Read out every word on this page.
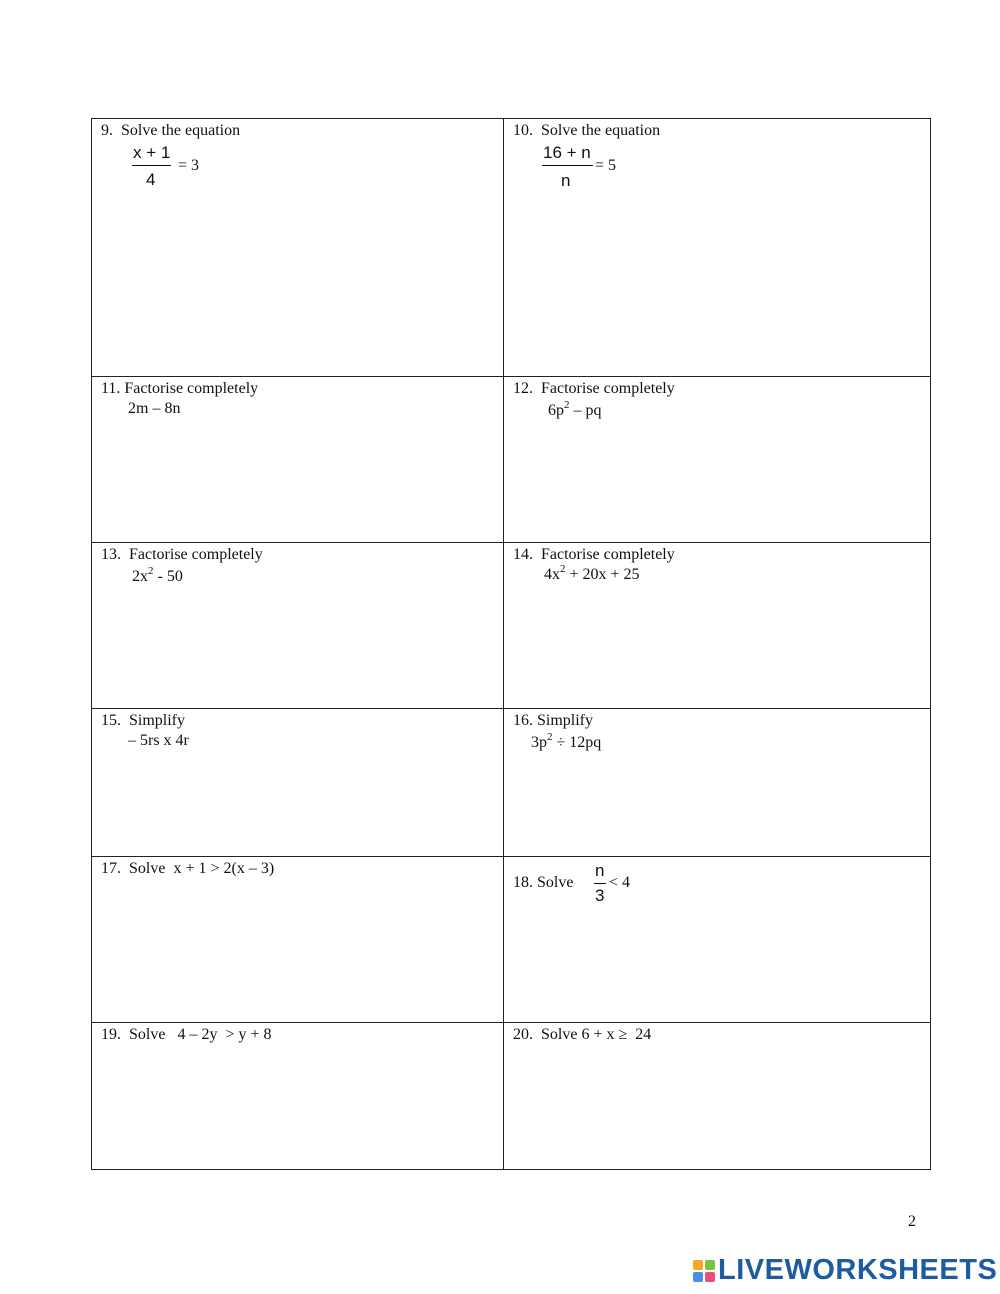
9.  Solve the equation
x + 1
4
= 3
10.  Solve the equation
16 + n
n
= 5
11. Factorise completely
2m – 8n
12.  Factorise completely
$6p^2$ – pq
13.  Factorise completely
$2x^2 - 50$
14.  Factorise completely
$4x^2 + 20x + 25$
15.  Simplify
– 5rs x 4r
16. Simplify
$3p^2 \div 12pq$
17.  Solve  x + 1 > 2(x – 3)
18. Solve
n
3
< 4
19.  Solve   4 – 2y  > y + 8	20.  Solve 6 + x ≥  24
2
LIVEWORKSHEETS
